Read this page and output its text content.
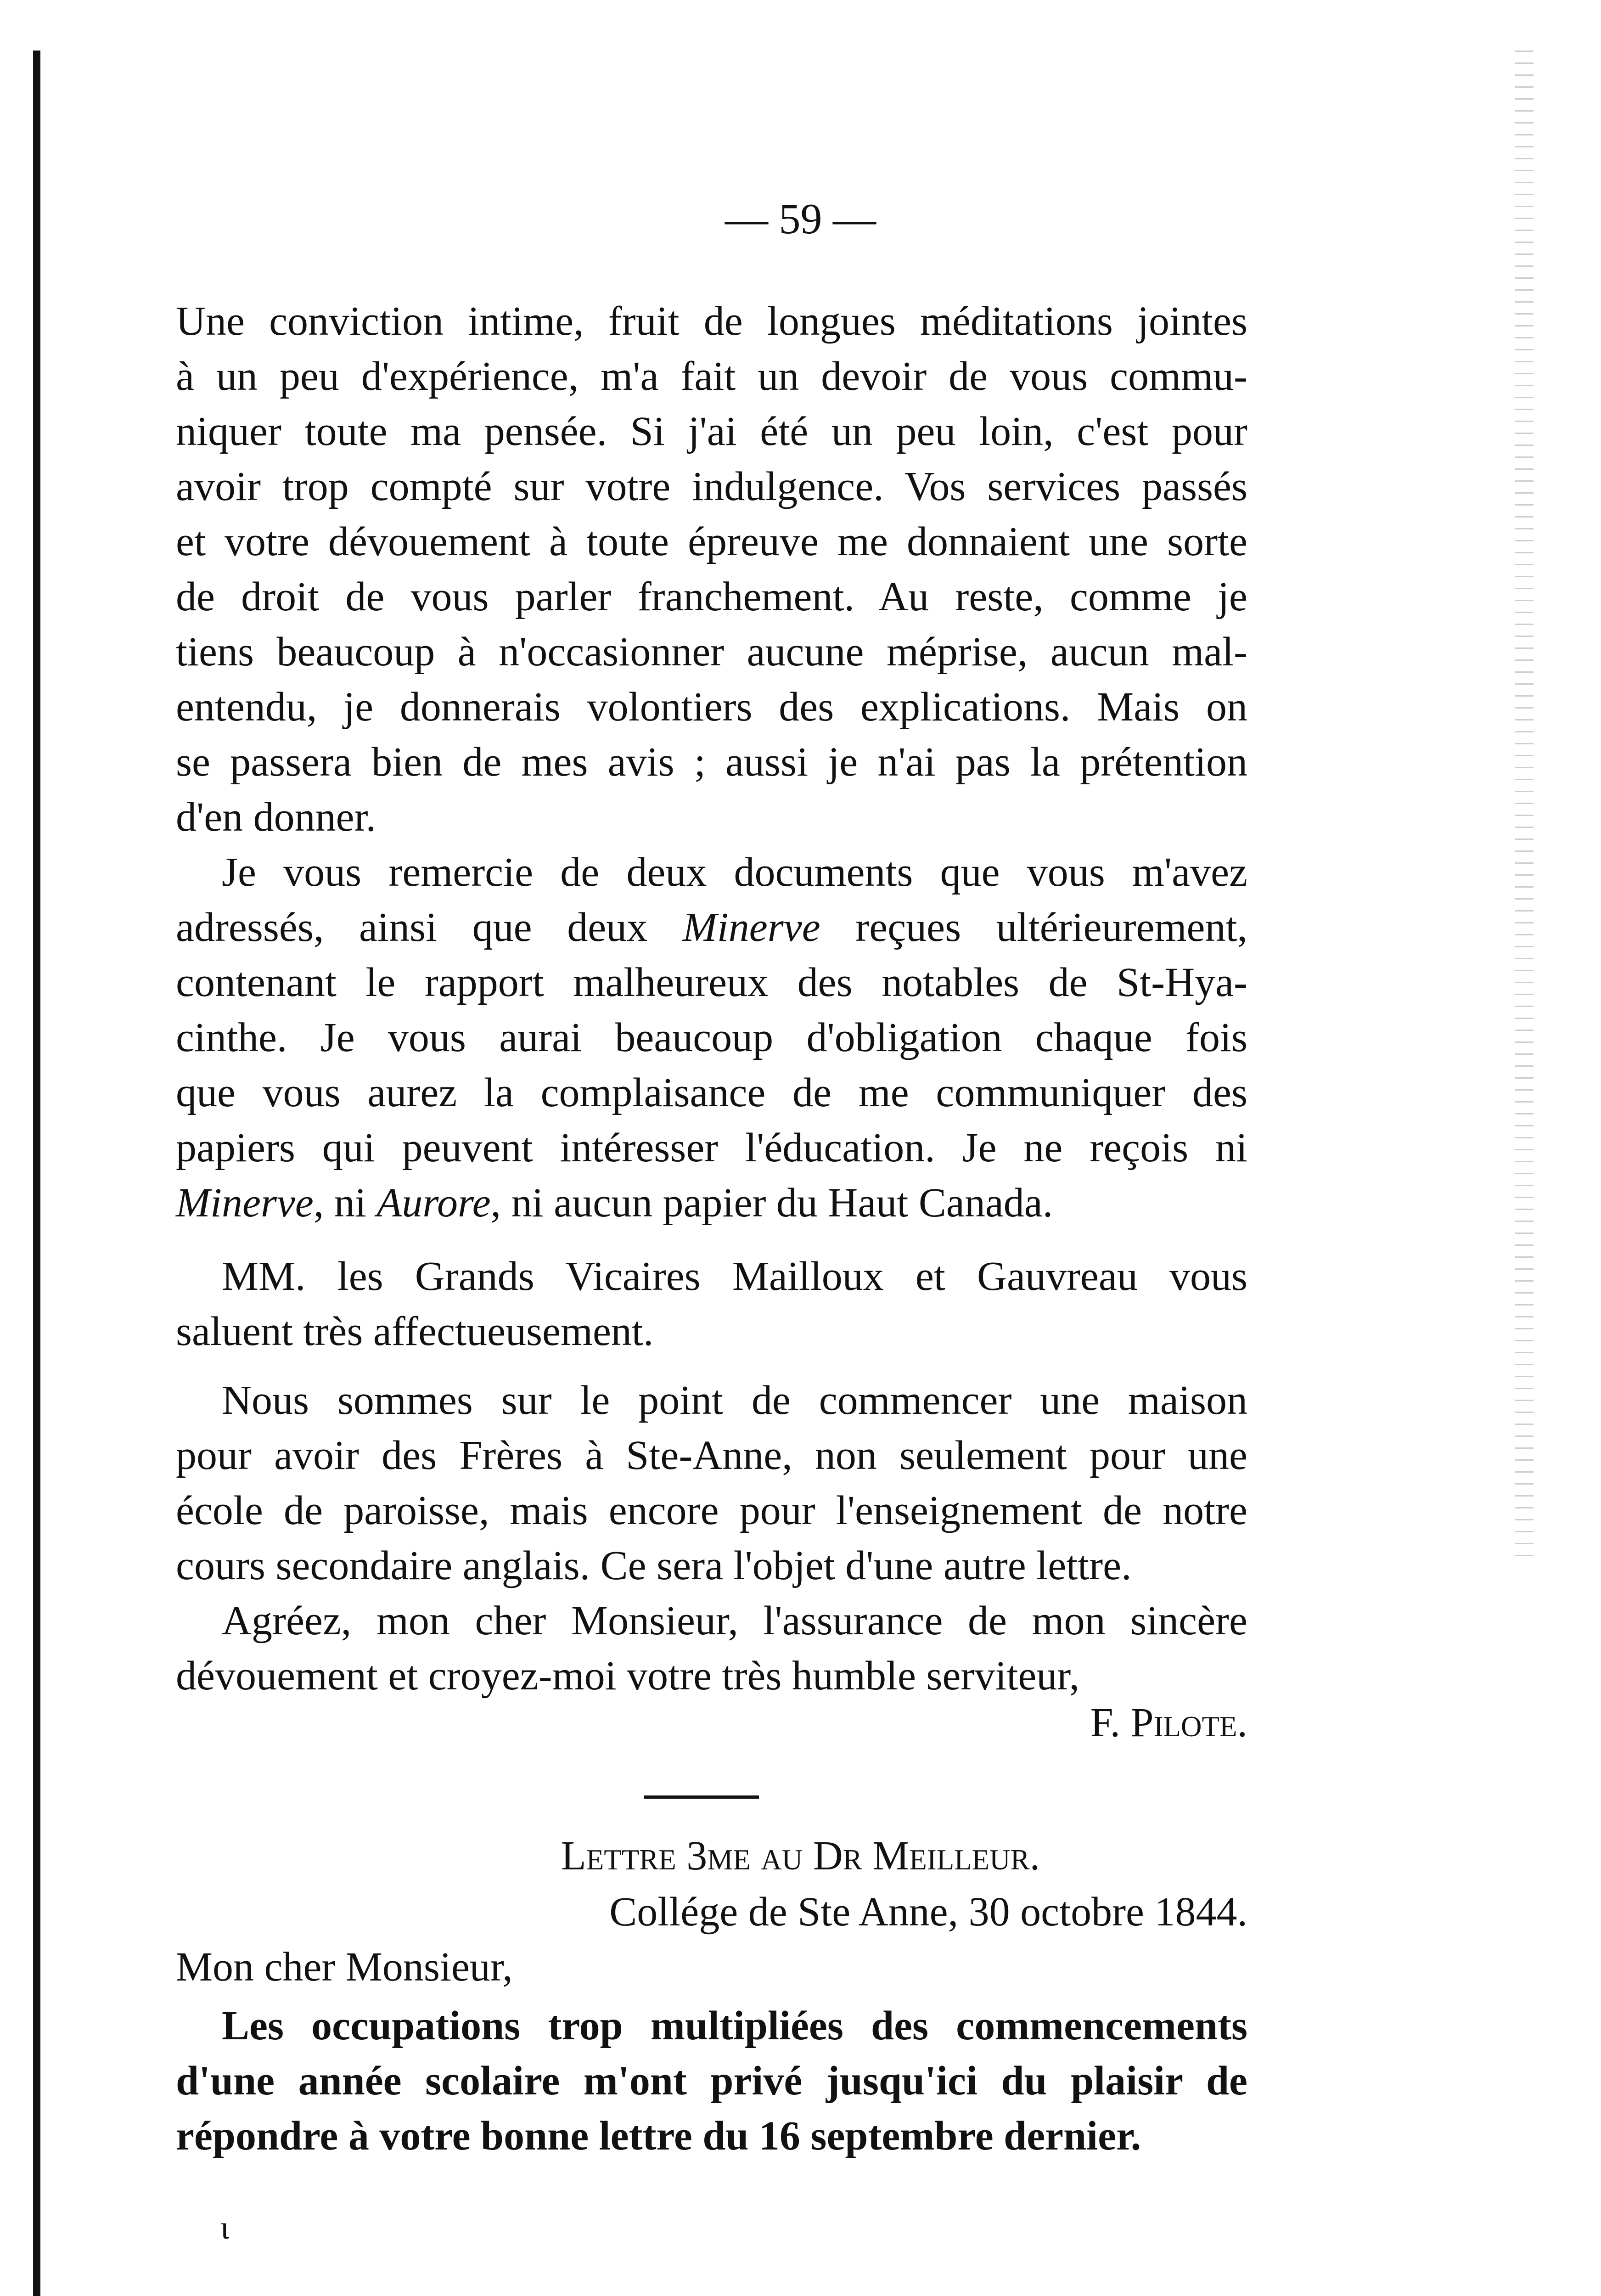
— 59 —
Une conviction intime, fruit de longues méditations jointes
à un peu d'expérience, m'a fait un devoir de vous commu-
niquer toute ma pensée. Si j'ai été un peu loin, c'est pour
avoir trop compté sur votre indulgence. Vos services passés
et votre dévouement à toute épreuve me donnaient une sorte
de droit de vous parler franchement. Au reste, comme je
tiens beaucoup à n'occasionner aucune méprise, aucun mal-
entendu, je donnerais volontiers des explications. Mais on
se passera bien de mes avis ; aussi je n'ai pas la prétention
d'en donner.
Je vous remercie de deux documents que vous m'avez
adressés, ainsi que deux Minerve reçues ultérieurement,
contenant le rapport malheureux des notables de St-Hya-
cinthe. Je vous aurai beaucoup d'obligation chaque fois
que vous aurez la complaisance de me communiquer des
papiers qui peuvent intéresser l'éducation. Je ne reçois ni
Minerve, ni Aurore, ni aucun papier du Haut Canada.
MM. les Grands Vicaires Mailloux et Gauvreau vous
saluent très affectueusement.
Nous sommes sur le point de commencer une maison
pour avoir des Frères à Ste-Anne, non seulement pour une
école de paroisse, mais encore pour l'enseignement de notre
cours secondaire anglais. Ce sera l'objet d'une autre lettre.
Agréez, mon cher Monsieur, l'assurance de mon sincère
dévouement et croyez-moi votre très humble serviteur,
F. Pilote.
Lettre 3me au Dr Meilleur.
Collége de Ste Anne, 30 octobre 1844.
Mon cher Monsieur,
Les occupations trop multipliées des commencements
d'une année scolaire m'ont privé jusqu'ici du plaisir de
répondre à votre bonne lettre du 16 septembre dernier.
ι
